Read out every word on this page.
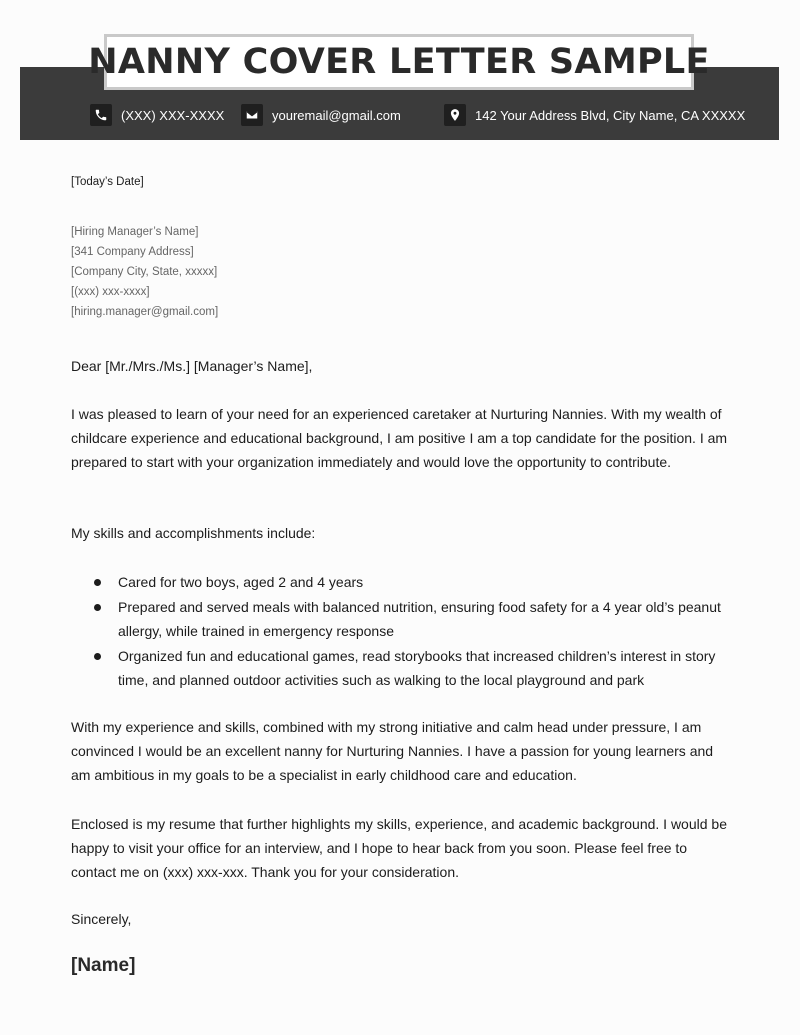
NANNY COVER LETTER SAMPLE
(XXX) XXX-XXXX	youremail@gmail.com	142 Your Address Blvd, City Name, CA XXXXX
[Today’s Date]
[Hiring Manager’s Name]
[341 Company Address]
[Company City, State, xxxxx]
[(xxx) xxx-xxxx]
[hiring.manager@gmail.com]
Dear [Mr./Mrs./Ms.] [Manager’s Name],
I was pleased to learn of your need for an experienced caretaker at Nurturing Nannies. With my wealth of childcare experience and educational background, I am positive I am a top candidate for the position. I am prepared to start with your organization immediately and would love the opportunity to contribute.
My skills and accomplishments include:
Cared for two boys, aged 2 and 4 years
Prepared and served meals with balanced nutrition, ensuring food safety for a 4 year old’s peanut allergy, while trained in emergency response
Organized fun and educational games, read storybooks that increased children’s interest in story time, and planned outdoor activities such as walking to the local playground and park
With my experience and skills, combined with my strong initiative and calm head under pressure, I am convinced I would be an excellent nanny for Nurturing Nannies. I have a passion for young learners and am ambitious in my goals to be a specialist in early childhood care and education.
Enclosed is my resume that further highlights my skills, experience, and academic background. I would be happy to visit your office for an interview, and I hope to hear back from you soon. Please feel free to contact me on (xxx) xxx-xxx. Thank you for your consideration.
Sincerely,
[Name]
